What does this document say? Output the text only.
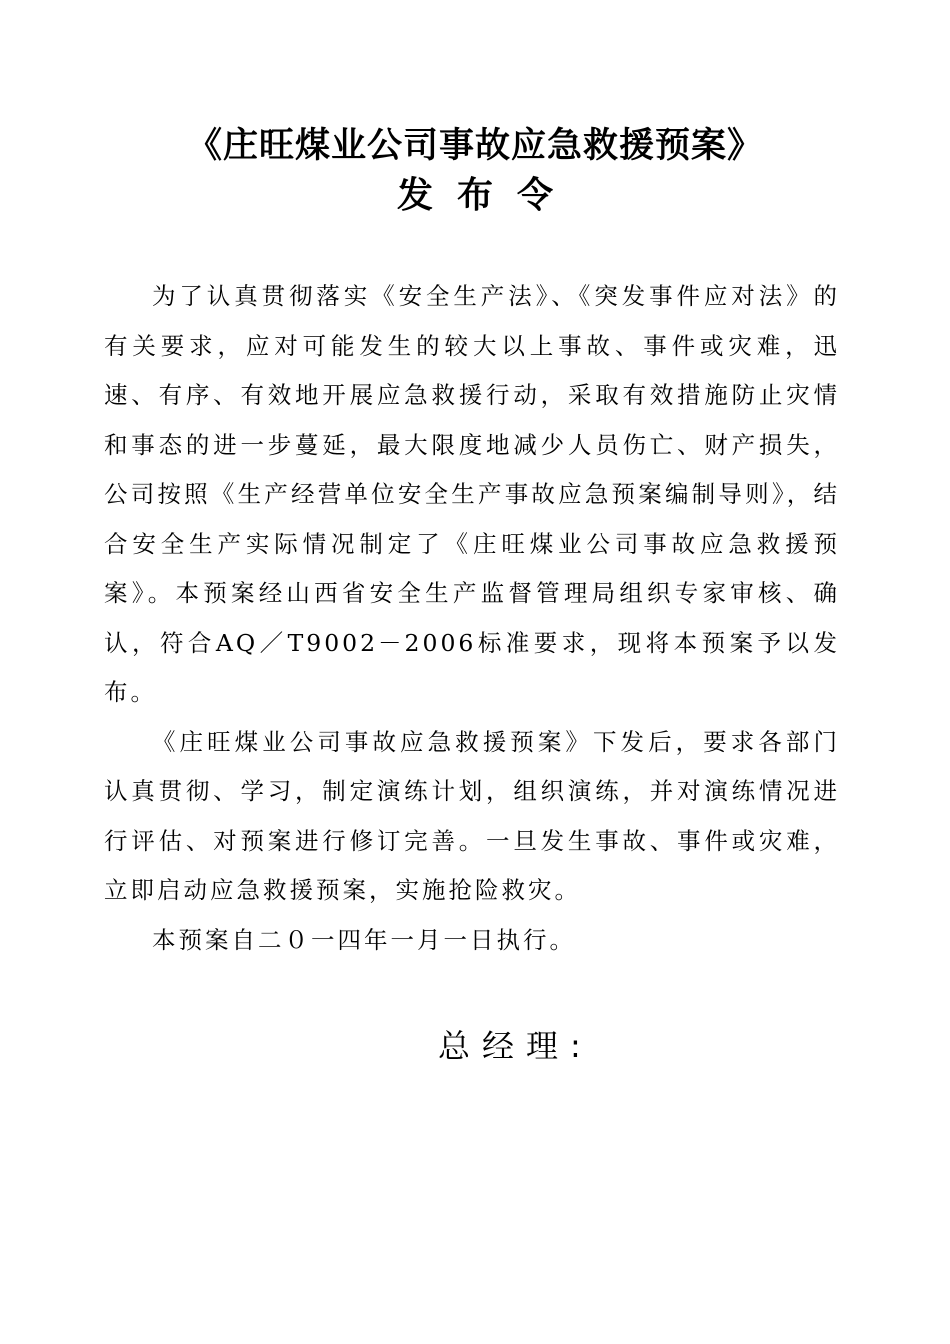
《庄旺煤业公司事故应急救援预案》
发布令

为了认真贯彻落实《安全生产法》、《突发事件应对法》的有关要求，应对可能发生的较大以上事故、事件或灾难，迅速、有序、有效地开展应急救援行动，采取有效措施防止灾情和事态的进一步蔓延，最大限度地减少人员伤亡、财产损失，公司按照《生产经营单位安全生产事故应急预案编制导则》，结合安全生产实际情况制定了《庄旺煤业公司事故应急救援预案》。本预案经山西省安全生产监督管理局组织专家审核、确认，符合AQ／T9002－2006标准要求，现将本预案予以发布。

《庄旺煤业公司事故应急救援预案》下发后，要求各部门认真贯彻、学习，制定演练计划，组织演练，并对演练情况进行评估、对预案进行修订完善。一旦发生事故、事件或灾难，立即启动应急救援预案，实施抢险救灾。

本预案自二０一四年一月一日执行。

总经理:
